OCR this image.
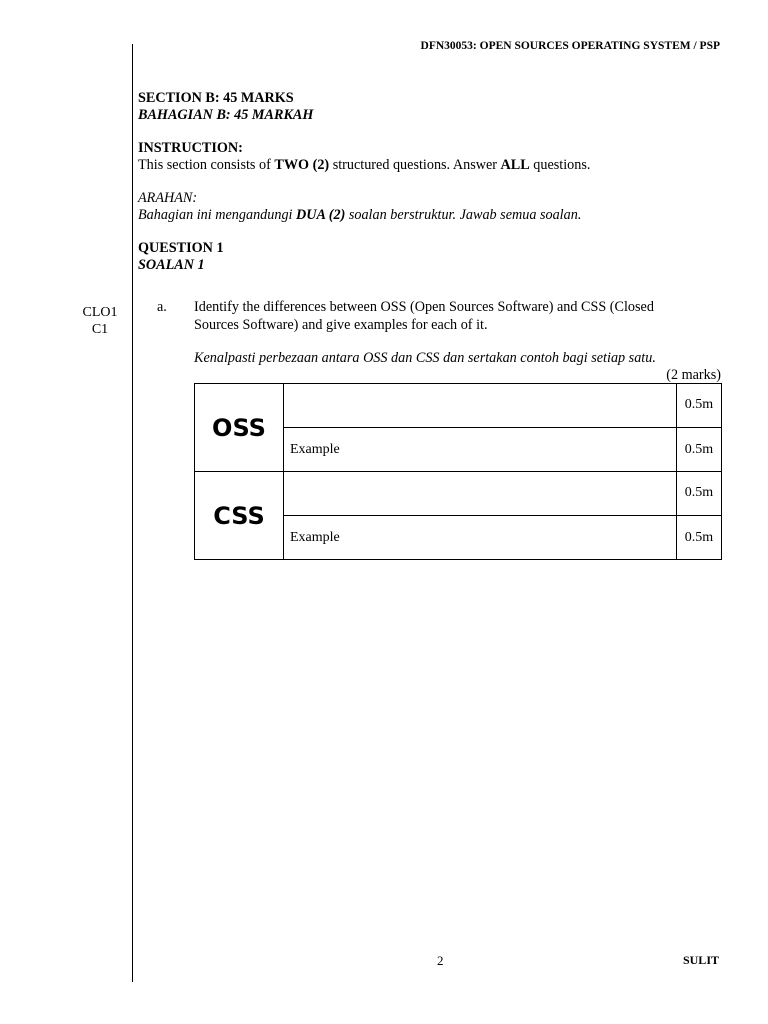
DFN30053: OPEN SOURCES OPERATING SYSTEM / PSP
SECTION B: 45 MARKS
BAHAGIAN B: 45 MARKAH
INSTRUCTION:
This section consists of TWO (2) structured questions. Answer ALL questions.
ARAHAN:
Bahagian ini mengandungi DUA (2) soalan berstruktur. Jawab semua soalan.
QUESTION 1
SOALAN 1
CLO1
C1
a. Identify the differences between OSS (Open Sources Software) and CSS (Closed
Sources Software) and give examples for each of it.
Kenalpasti perbezaan antara OSS dan CSS dan sertakan contoh bagi setiap satu.
(2 marks)
OSS		0.5m
	Example	0.5m
CSS		0.5m
	Example	0.5m
2	SULIT
